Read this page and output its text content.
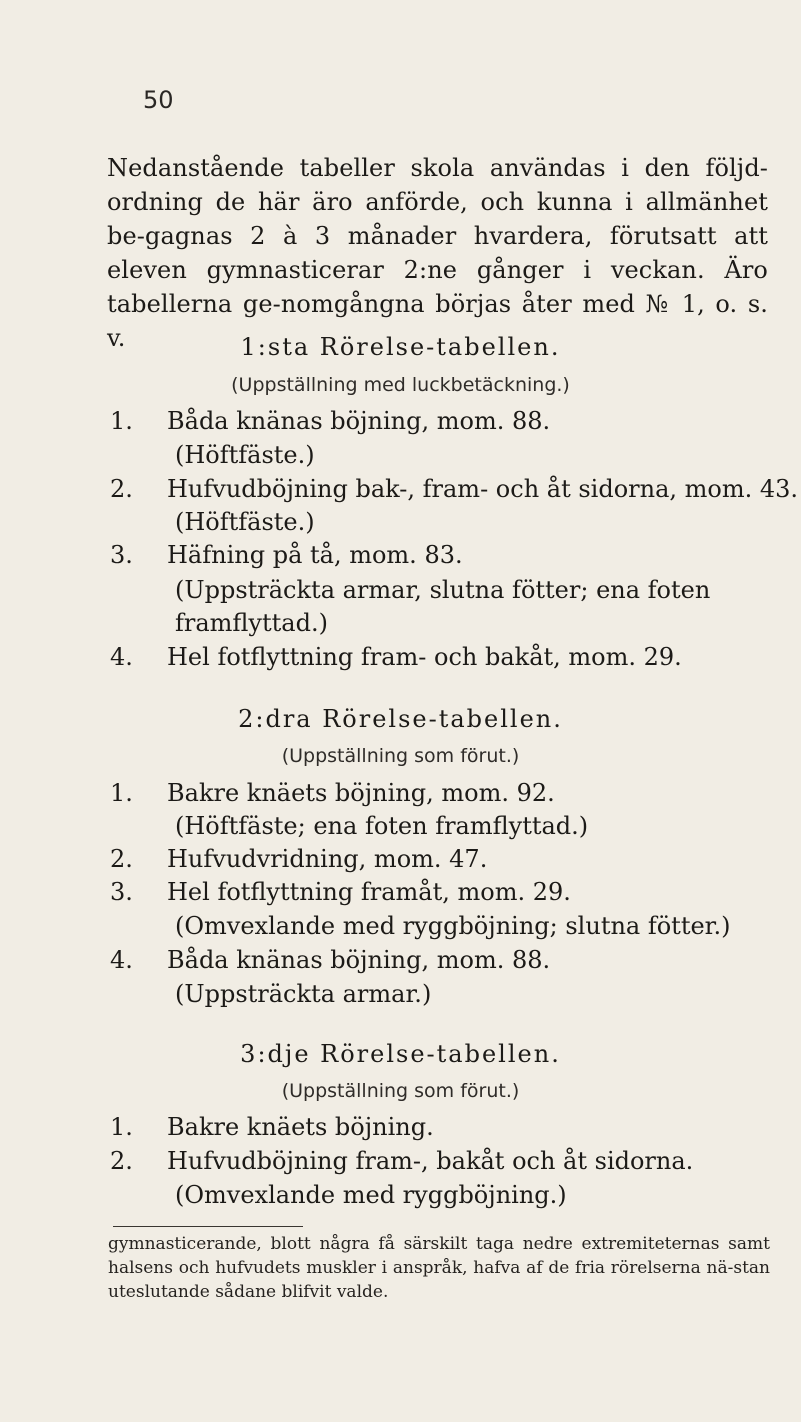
50
Nedanstående tabeller skola användas i den följd-ordning de här äro anförde, och kunna i allmänhet be-gagnas 2 à 3 månader hvardera, förutsatt att eleven gymnasticerar 2:ne gånger i veckan. Äro tabellerna ge-nomgångna börjas åter med № 1, o. s. v.	1:sta Rörelse-tabellen.
(Uppställning med luckbetäckning.)
1.	Båda knänas böjning, mom. 88.
(Höftfäste.)
2.	Hufvudböjning bak-, fram- och åt sidorna, mom. 43.
(Höftfäste.)
3.	Häfning på tå, mom. 83.
(Uppsträckta armar, slutna fötter; ena foten framflyttad.)
4.	Hel fotflyttning fram- och bakåt, mom. 29.
2:dra Rörelse-tabellen.
(Uppställning som förut.)
1.	Bakre knäets böjning, mom. 92.
(Höftfäste; ena foten framflyttad.)
2.	Hufvudvridning, mom. 47.
3.	Hel fotflyttning framåt, mom. 29.
(Omvexlande med ryggböjning; slutna fötter.)
4.	Båda knänas böjning, mom. 88.
(Uppsträckta armar.)
3:dje Rörelse-tabellen.
(Uppställning som förut.)
1.	Bakre knäets böjning.
2.	Hufvudböjning fram-, bakåt och åt sidorna.
(Omvexlande med ryggböjning.)
gymnasticerande, blott några få särskilt taga nedre extremiteternas samt halsens och hufvudets muskler i anspråk, hafva af de fria rörelserna nä-stan uteslutande sådane blifvit valde.
